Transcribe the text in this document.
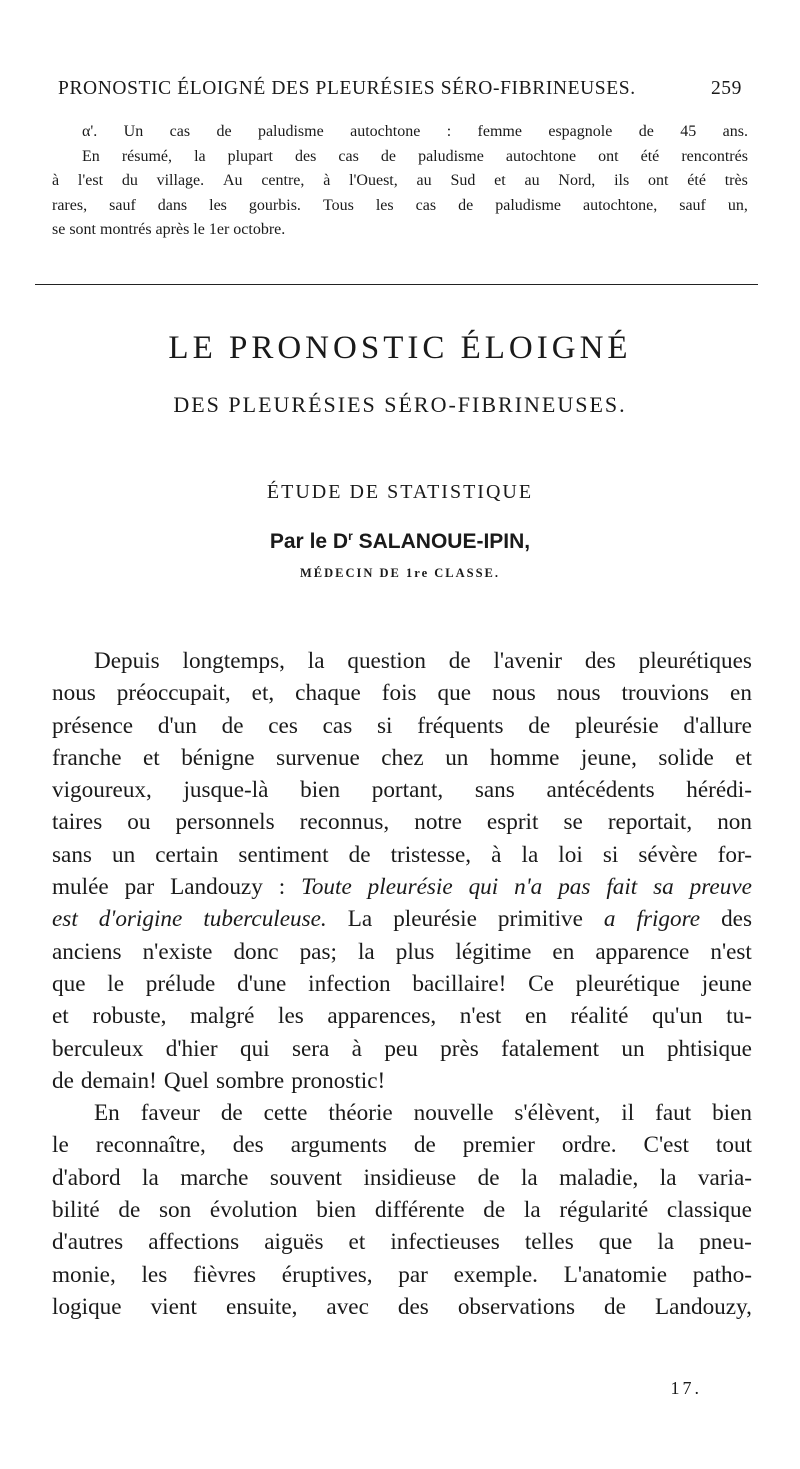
PRONOSTIC ÉLOIGNÉ DES PLEURÉSIES SÉRO-FIBRINEUSES.	259
α'. Un cas de paludisme autochtone : femme espagnole de 45 ans.
En résumé, la plupart des cas de paludisme autochtone ont été rencontrés
à l'est du village. Au centre, à l'Ouest, au Sud et au Nord, ils ont été très
rares, sauf dans les gourbis. Tous les cas de paludisme autochtone, sauf un,
se sont montrés après le 1er octobre.
LE PRONOSTIC ÉLOIGNÉ
DES PLEURÉSIES SÉRO-FIBRINEUSES.
ÉTUDE DE STATISTIQUE
Par le $D^r$ SALANOUE-IPIN,
MÉDECIN DE 1re CLASSE.
Depuis longtemps, la question de l'avenir des pleurétiques
nous préoccupait, et, chaque fois que nous nous trouvions en
présence d'un de ces cas si fréquents de pleurésie d'allure
franche et bénigne survenue chez un homme jeune, solide et
vigoureux, jusque-là bien portant, sans antécédents hérédi-
taires ou personnels reconnus, notre esprit se reportait, non
sans un certain sentiment de tristesse, à la loi si sévère for-
mulée par Landouzy : Toute pleurésie qui n'a pas fait sa preuve
est d'origine tuberculeuse. La pleurésie primitive a frigore des
anciens n'existe donc pas; la plus légitime en apparence n'est
que le prélude d'une infection bacillaire! Ce pleurétique jeune
et robuste, malgré les apparences, n'est en réalité qu'un tu-
berculeux d'hier qui sera à peu près fatalement un phtisique
de demain! Quel sombre pronostic!
En faveur de cette théorie nouvelle s'élèvent, il faut bien
le reconnaître, des arguments de premier ordre. C'est tout
d'abord la marche souvent insidieuse de la maladie, la varia-
bilité de son évolution bien différente de la régularité classique
d'autres affections aiguës et infectieuses telles que la pneu-
monie, les fièvres éruptives, par exemple. L'anatomie patho-
logique vient ensuite, avec des observations de Landouzy,
17.
